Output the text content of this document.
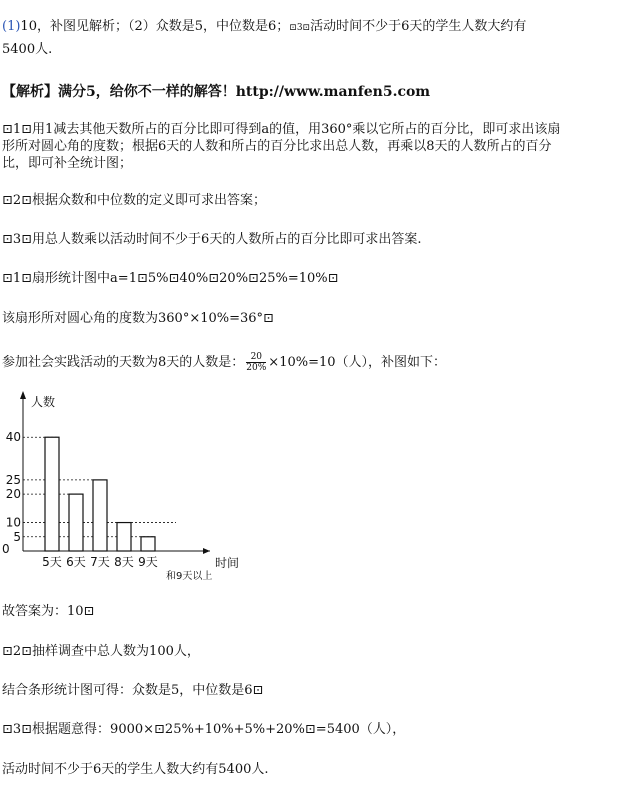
(1)10，补图见解析；（2）众数是5，中位数是6；⊡3⊡活动时间不少于6天的学生人数大约有
5400人.
【解析】满分5，给你不一样的解答！http://www.manfen5.com
⊡1⊡用1减去其他天数所占的百分比即可得到a的值，用360°乘以它所占的百分比，即可求出该扇
形所对圆心角的度数；根据6天的人数和所占的百分比求出总人数，再乘以8天的人数所占的百分
比，即可补全统计图；
⊡2⊡根据众数和中位数的定义即可求出答案；
⊡3⊡用总人数乘以活动时间不少于6天的人数所占的百分比即可求出答案.
⊡1⊡扇形统计图中a=1⊡5%⊡40%⊡20%⊡25%=10%⊡
该扇形所对圆心角的度数为360°×10%=36°⊡
参加社会实践活动的天数为8天的人数是： $\frac{20}{20\%} \times 10\%=10$（人），补图如下：
5
10
20
25
40
5天 6天 7天 8天 9天
人数
时间
0
和9天以上
故答案为：10⊡
⊡2⊡抽样调查中总人数为100人，
结合条形统计图可得：众数是5，中位数是6⊡
⊡3⊡根据题意得：9000×⊡25%+10%+5%+20%⊡=5400（人），
活动时间不少于6天的学生人数大约有5400人.
